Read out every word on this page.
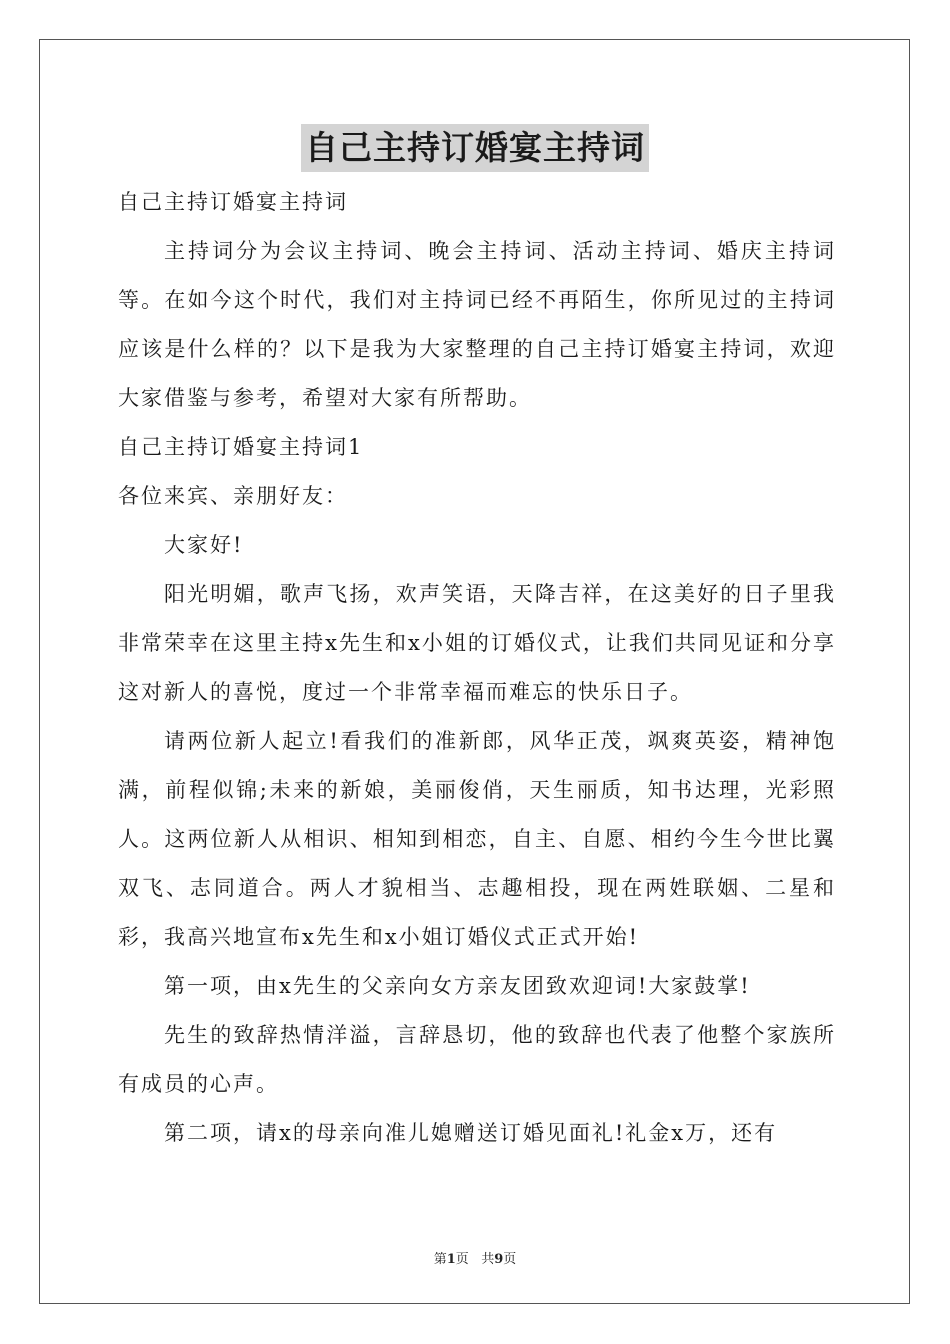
自己主持订婚宴主持词

自己主持订婚宴主持词

主持词分为会议主持词、晚会主持词、活动主持词、婚庆主持词等。在如今这个时代，我们对主持词已经不再陌生，你所见过的主持词应该是什么样的？以下是我为大家整理的自己主持订婚宴主持词，欢迎大家借鉴与参考，希望对大家有所帮助。

自己主持订婚宴主持词1

各位来宾、亲朋好友：

大家好!

阳光明媚，歌声飞扬，欢声笑语，天降吉祥，在这美好的日子里我非常荣幸在这里主持x先生和x小姐的订婚仪式，让我们共同见证和分享这对新人的喜悦，度过一个非常幸福而难忘的快乐日子。

请两位新人起立!看我们的准新郎，风华正茂，飒爽英姿，精神饱满，前程似锦;未来的新娘，美丽俊俏，天生丽质，知书达理，光彩照人。这两位新人从相识、相知到相恋，自主、自愿、相约今生今世比翼双飞、志同道合。两人才貌相当、志趣相投，现在两姓联姻、二星和彩，我高兴地宣布x先生和x小姐订婚仪式正式开始!

第一项，由x先生的父亲向女方亲友团致欢迎词!大家鼓掌!

先生的致辞热情洋溢，言辞恳切，他的致辞也代表了他整个家族所有成员的心声。

第二项，请x的母亲向准儿媳赠送订婚见面礼!礼金x万，还有

第1页   共9页
